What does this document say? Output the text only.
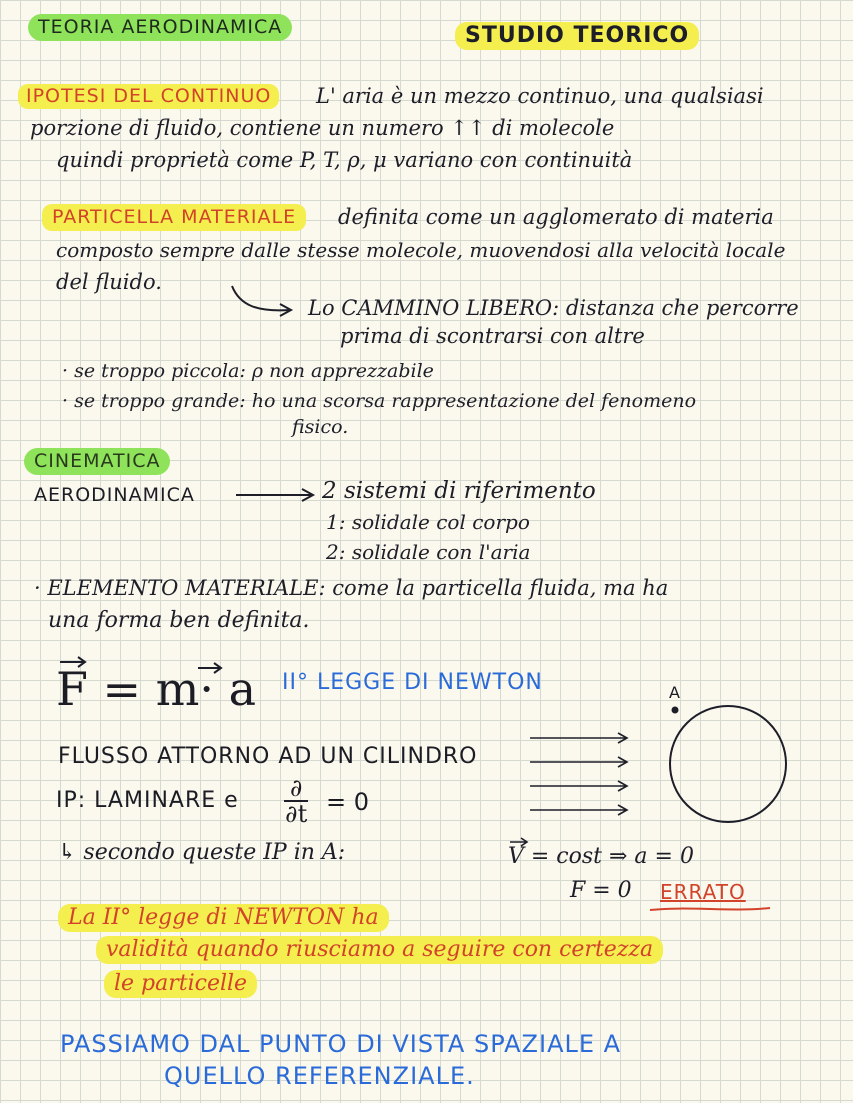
TEORIA AERODINAMICA	STUDIO TEORICO
IPOTESI DEL CONTINUO	L' aria è un mezzo continuo, una qualsiasi
porzione di fluido, contiene un numero ↑↑ di molecole
quindi proprietà come P, T, ρ, μ variano con continuità
PARTICELLA MATERIALE	definita come un agglomerato di materia
composto sempre dalle stesse molecole, muovendosi alla velocità locale
del fluido.
Lo CAMMINO LIBERO: distanza che percorre
prima di scontrarsi con altre
· se troppo piccola: ρ non apprezzabile
· se troppo grande: ho una scorsa rappresentazione del fenomeno
fisico.
CINEMATICA
AERODINAMICA	2 sistemi di riferimento
1: solidale col corpo
2: solidale con l'aria
· ELEMENTO MATERIALE: come la particella fluida, ma ha
una forma ben definita.
F = m· a II° LEGGE DI NEWTON
FLUSSO ATTORNO AD UN CILINDRO
IP: LAMINARE e ∂
∂t = 0
↳ secondo queste IP in A:	V = cost ⇒ a = 0
F = 0 ERRATO
A
La II° legge di NEWTON ha
validità quando riusciamo a seguire con certezza
le particelle
PASSIAMO DAL PUNTO DI VISTA SPAZIALE A
QUELLO REFERENZIALE.
